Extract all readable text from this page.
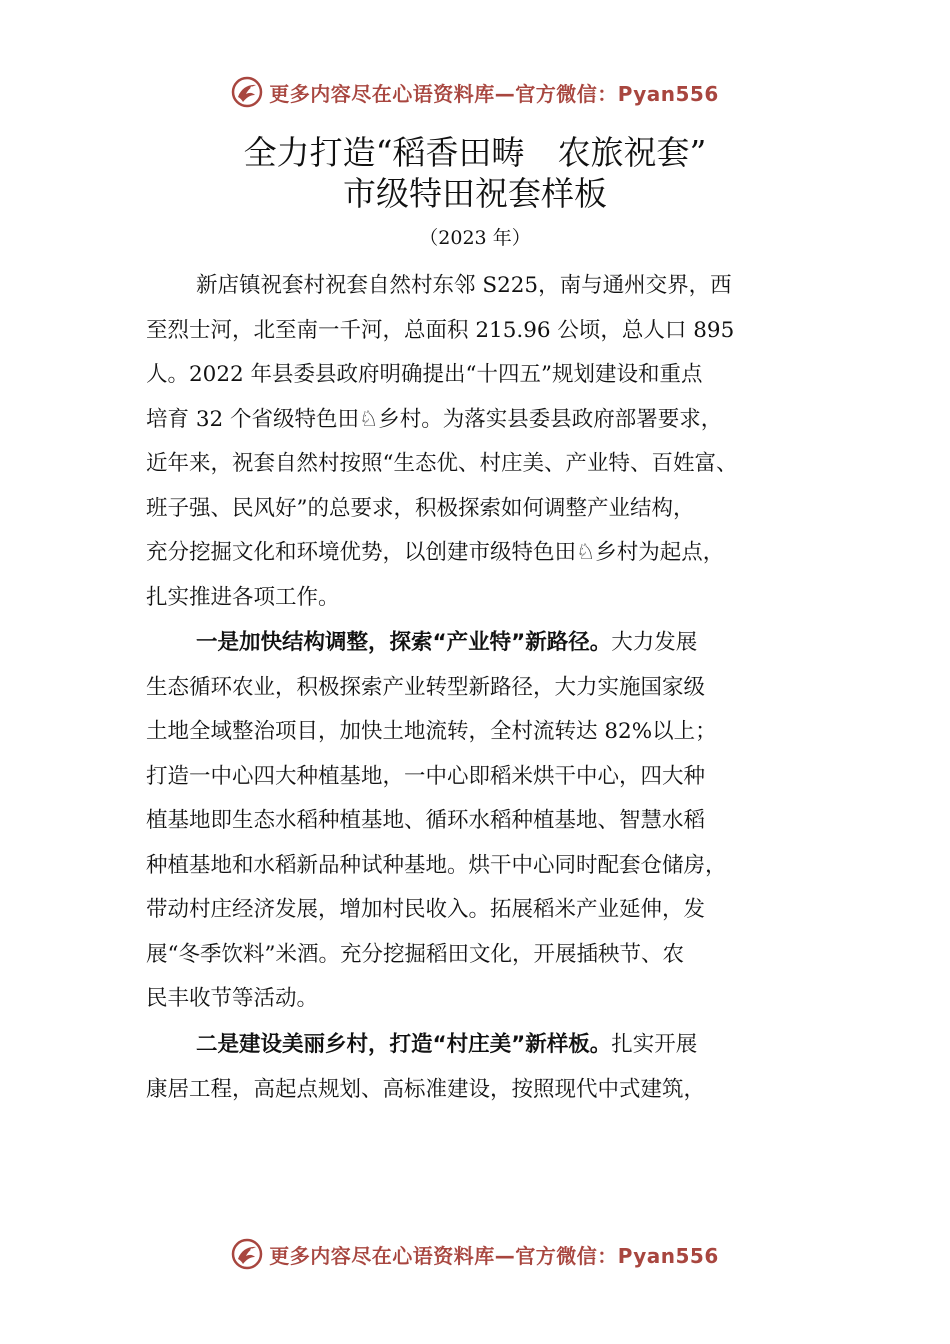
更多内容尽在心语资料库—官方微信：Pyan556
全力打造“稻香田畴　农旅祝套”
市级特田祝套样板
（2023 年）
新店镇祝套村祝套自然村东邻 S225，南与通州交界，西
至烈士河，北至南一千河，总面积 215.96 公顷，总人口 895
人。2022 年县委县政府明确提出“十四五”规划建设和重点
培育 32 个省级特色田♘乡村。为落实县委县政府部署要求，
近年来，祝套自然村按照“生态优、村庄美、产业特、百姓富、
班子强、民风好”的总要求，积极探索如何调整产业结构，
充分挖掘文化和环境优势，以创建市级特色田♘乡村为起点，
扎实推进各项工作。
一是加快结构调整，探索“产业特”新路径。大力发展
生态循环农业，积极探索产业转型新路径，大力实施国家级
土地全域整治项目，加快土地流转，全村流转达 82%以上；
打造一中心四大种植基地，一中心即稻米烘干中心，四大种
植基地即生态水稻种植基地、循环水稻种植基地、智慧水稻
种植基地和水稻新品种试种基地。烘干中心同时配套仓储房，
带动村庄经济发展，增加村民收入。拓展稻米产业延伸，发
展“冬季饮料”米酒。充分挖掘稻田文化，开展插秧节、农
民丰收节等活动。
二是建设美丽乡村，打造“村庄美”新样板。扎实开展
康居工程，高起点规划、高标准建设，按照现代中式建筑，
更多内容尽在心语资料库—官方微信：Pyan556
